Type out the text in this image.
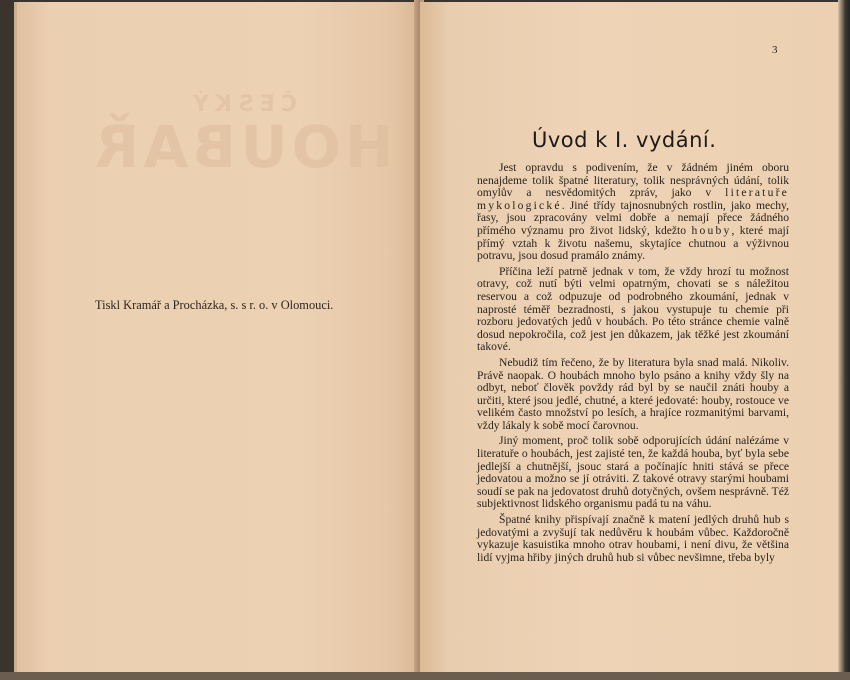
ČESKÝ
HOUBAŘ
Tiskl Kramář a Procházka, s. s r. o. v Olomouci.
3
Úvod k I. vydání.

Jest opravdu s podivením, že v žádném jiném oboru nenajdeme tolik špatné literatury, tolik nesprávných údání, tolik omylův a nesvědomitých zpráv, jako v literatuře mykologické. Jiné třídy tajnosnubných rostlin, jako mechy, řasy, jsou zpracovány velmi dobře a nemají přece žádného přímého významu pro život lidský, kdežto houby, které mají přímý vztah k životu našemu, skytajíce chutnou a výživnou potravu, jsou dosud pramálo známy.

Příčina leží patrně jednak v tom, že vždy hrozí tu možnost otravy, což nutí býti velmi opatrným, chovati se s náležitou reservou a což odpuzuje od podrobného zkoumání, jednak v naprosté téměř bezradnosti, s jakou vystupuje tu chemie při rozboru jedovatých jedů v houbách. Po této stránce chemie valně dosud nepokročila, což jest jen důkazem, jak těžké jest zkoumání takové.

Nebudiž tím řečeno, že by literatura byla snad malá. Nikoliv. Právě naopak. O houbách mnoho bylo psáno a knihy vždy šly na odbyt, neboť člověk povždy rád byl by se naučil znáti houby a určiti, které jsou jedlé, chutné, a které jedovaté: houby, rostouce ve velikém často množství po lesích, a hrajíce rozmanitými barvami, vždy lákaly k sobě mocí čarovnou.

Jiný moment, proč tolik sobě odporujících údání nalézáme v literatuře o houbách, jest zajisté ten, že každá houba, byť byla sebe jedlejší a chutnější, jsouc stará a počínajíc hniti stává se přece jedovatou a možno se jí otráviti. Z takové otravy starými houbami soudí se pak na jedovatost druhů dotyčných, ovšem nesprávně. Též subjektivnost lidského organismu padá tu na váhu.

Špatné knihy přispívají značně k matení jedlých druhů hub s jedovatými a zvyšují tak nedůvěru k houbám vůbec. Každoročně vykazuje kasuistika mnoho otrav houbami, i není divu, že většina lidí vyjma hřiby jiných druhů hub si vůbec nevšimne, třeba byly
